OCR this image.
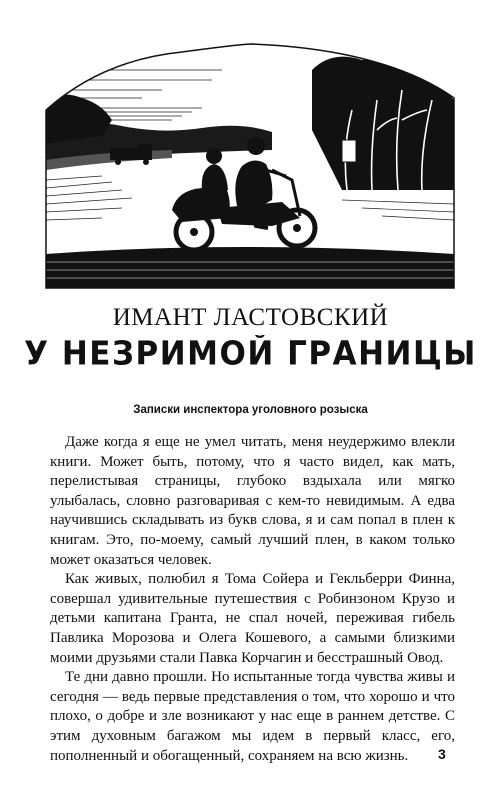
ИМАНТ ЛАСТОВСКИЙ
У НЕЗРИМОЙ ГРАНИЦЫ
Записки инспектора уголовного розыска

Даже когда я еще не умел читать, меня неудержимо влекли книги. Может быть, потому, что я часто видел, как мать, перелистывая страницы, глубоко вздыхала или мягко улыбалась, словно разговаривая с кем-то невидимым. А едва научившись складывать из букв слова, я и сам попал в плен к книгам. Это, по-моему, самый лучший плен, в каком только может оказаться человек.

Как живых, полюбил я Тома Сойера и Гекльберри Финна, совершал удивительные путешествия с Робинзоном Крузо и детьми капитана Гранта, не спал ночей, переживая гибель Павлика Морозова и Олега Кошевого, а самыми близкими моими друзьями стали Павка Корчагин и бесстрашный Овод.

Те дни давно прошли. Но испытанные тогда чувства живы и сегодня — ведь первые представления о том, что хорошо и что плохо, о добре и зле возникают у нас еще в раннем детстве. С этим духовным багажом мы идем в первый класс, его, пополненный и обогащенный, сохраняем на всю жизнь.	3
